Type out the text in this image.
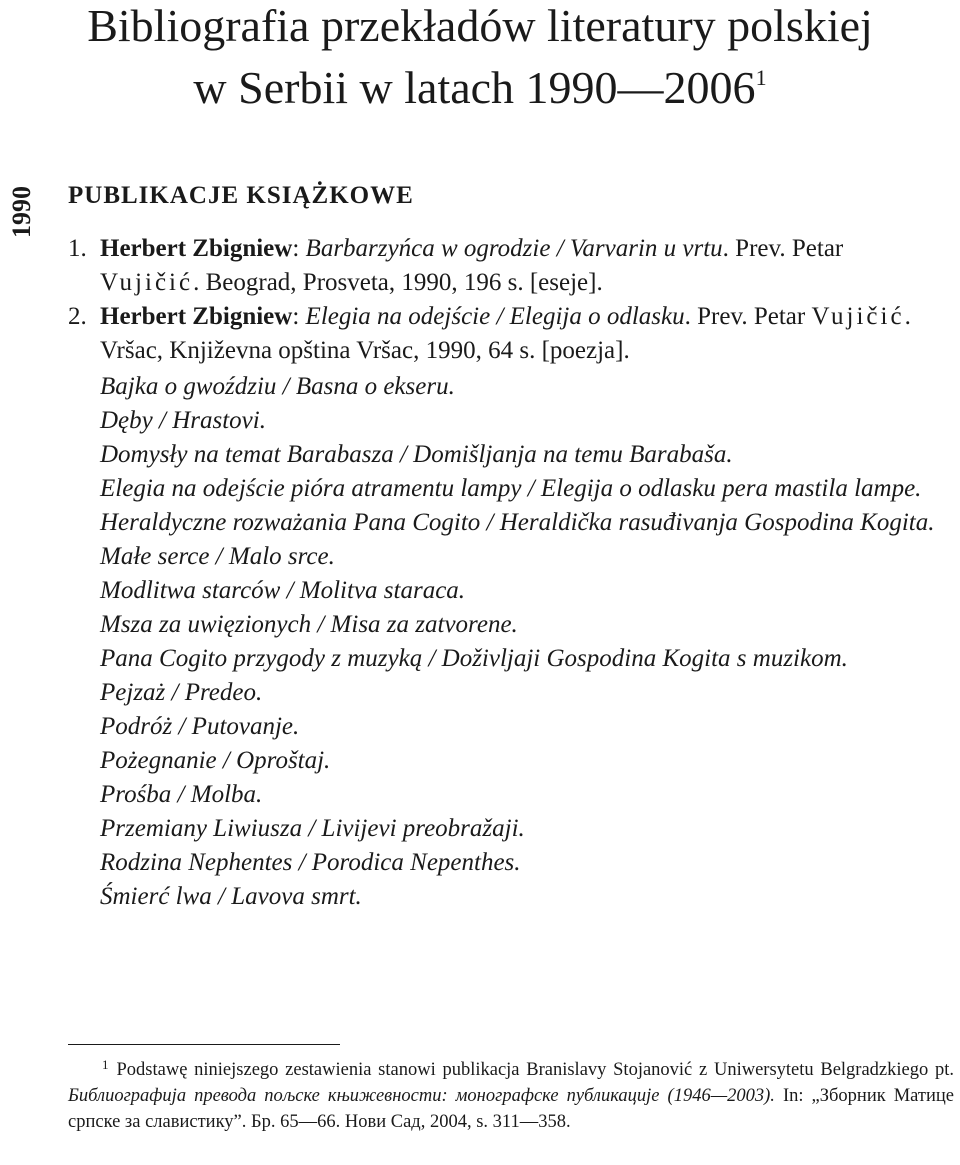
Bibliografia przekładów literatury polskiej
w Serbii w latach 1990—2006$^1$
1990 PUBLIKACJE KSIĄŻKOWE

1. Herbert Zbigniew: Barbarzyńca w ogrodzie / Varvarin u vrtu. Prev. Petar Vujičić. Beograd, Prosveta, 1990, 196 s. [eseje].

2. Herbert Zbigniew: Elegia na odejście / Elegija o odlasku. Prev. Petar Vujičić. Vršac, Književna opština Vršac, 1990, 64 s. [poezja].

Bajka o gwoździu / Basna o ekseru.
Dęby / Hrastovi.
Domysły na temat Barabasza / Domišljanja na temu Barabaša.
Elegia na odejście pióra atramentu lampy / Elegija o odlasku pera mastila lampe.
Heraldyczne rozważania Pana Cogito / Heraldička rasuđivanja Gospodina Kogita.
Małe serce / Malo srce.
Modlitwa starców / Molitva staraca.
Msza za uwięzionych / Misa za zatvorene.
Pana Cogito przygody z muzyką / Doživljaji Gospodina Kogita s muzikom.
Pejzaż / Predeo.
Podróż / Putovanje.
Pożegnanie / Oproštaj.
Prośba / Molba.
Przemiany Liwiusza / Livijevi preobražaji.
Rodzina Nephentes / Porodica Nepenthes.
Śmierć lwa / Lavova smrt.

$^1$ Podstawę niniejszego zestawienia stanowi publikacja Branislavy Stojanović z Uniwersytetu Belgradzkiego pt. Библиографија превода пољске књижевности: монографске публикације (1946—2003). In: „Зборник Матице српске за славистику”. Бр. 65—66. Нови Сад, 2004, s. 311—358.
